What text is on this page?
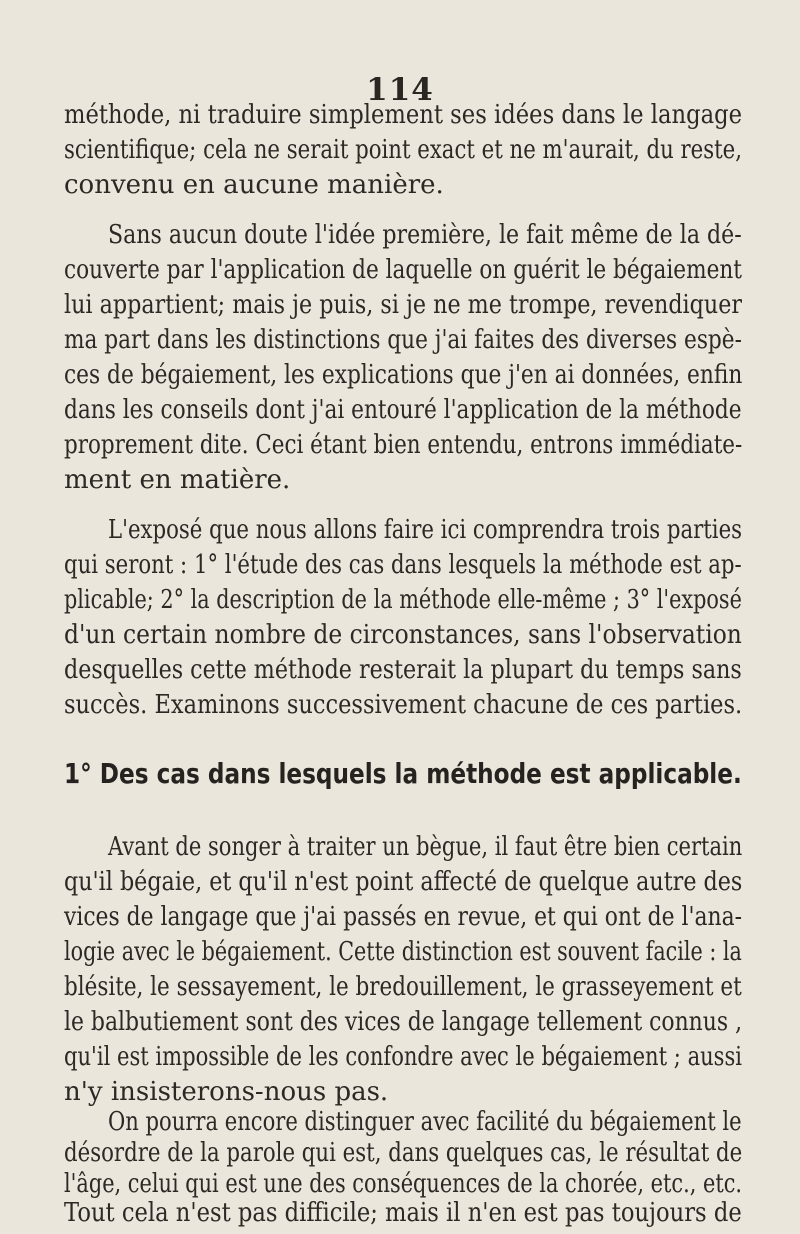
114
méthode, ni traduire simplement ses idées dans le langage
scientifique; cela ne serait point exact et ne m'aurait, du reste,
convenu en aucune manière.
Sans aucun doute l'idée première, le fait même de la dé-
couverte par l'application de laquelle on guérit le bégaiement
lui appartient; mais je puis, si je ne me trompe, revendiquer
ma part dans les distinctions que j'ai faites des diverses espè-
ces de bégaiement, les explications que j'en ai données, enfin
dans les conseils dont j'ai entouré l'application de la méthode
proprement dite. Ceci étant bien entendu, entrons immédiate-
ment en matière.
L'exposé que nous allons faire ici comprendra trois parties
qui seront : 1° l'étude des cas dans lesquels la méthode est ap-
plicable; 2° la description de la méthode elle-même ; 3° l'exposé
d'un certain nombre de circonstances, sans l'observation
desquelles cette méthode resterait la plupart du temps sans
succès. Examinons successivement chacune de ces parties.
1° Des cas dans lesquels la méthode est applicable.
Avant de songer à traiter un bègue, il faut être bien certain
qu'il bégaie, et qu'il n'est point affecté de quelque autre des
vices de langage que j'ai passés en revue, et qui ont de l'ana-
logie avec le bégaiement. Cette distinction est souvent facile : la
blésite, le sessayement, le bredouillement, le grasseyement et
le balbutiement sont des vices de langage tellement connus ,
qu'il est impossible de les confondre avec le bégaiement ; aussi
n'y insisterons-nous pas.
On pourra encore distinguer avec facilité du bégaiement le
désordre de la parole qui est, dans quelques cas, le résultat de
l'âge, celui qui est une des conséquences de la chorée, etc., etc.
Tout cela n'est pas difficile; mais il n'en est pas toujours de
